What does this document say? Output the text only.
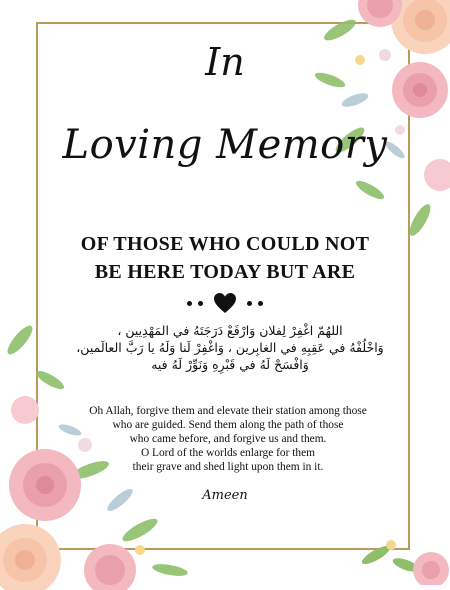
In
Loving Memory
OF THOSE WHO COULD NOT
BE HERE TODAY BUT ARE
اللهُمّ اغْفِرْ لِفلان وَارْفَعْ دَرَجَتَهُ في المَهْدِيين ،
وَاخْلُفْهُ في عَقِبِهِ في الغابِرين ، وَاغْفِرْ لَنا وَلَهُ يا رَبَّ العالَمين،
وَافْسَحْ لَهُ في قَبْرِهِ وَنَوِّرْ لَهُ فيه
Oh Allah, forgive them and elevate their station among those
who are guided. Send them along the path of those
who came before, and forgive us and them.
O Lord of the worlds enlarge for them
their grave and shed light upon them in it.
Ameen
